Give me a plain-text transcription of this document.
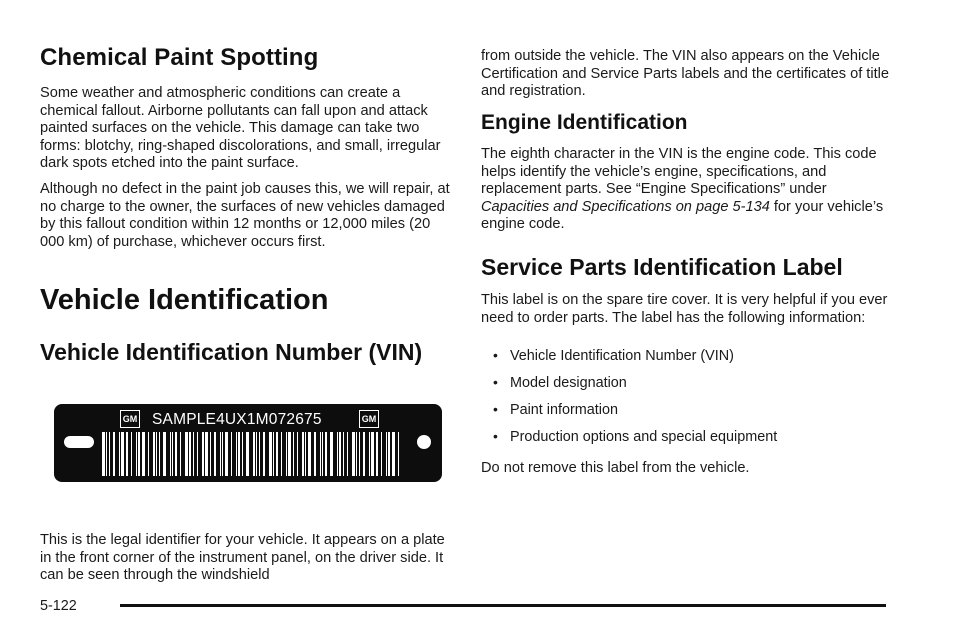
Chemical Paint Spotting

Some weather and atmospheric conditions can create a chemical fallout. Airborne pollutants can fall upon and attack painted surfaces on the vehicle. This damage can take two forms: blotchy, ring-shaped discolorations, and small, irregular dark spots etched into the paint surface.

Although no defect in the paint job causes this, we will repair, at no charge to the owner, the surfaces of new vehicles damaged by this fallout condition within 12 months or 12,000 miles (20 000 km) of purchase, whichever occurs first.

Vehicle Identification
Vehicle Identification Number (VIN)

This is the legal identifier for your vehicle. It appears on a plate in the front corner of the instrument panel, on the driver side. It can be seen through the windshield

GM SAMPLE4UX1M072675	GM

from outside the vehicle. The VIN also appears on the Vehicle Certification and Service Parts labels and the certificates of title and registration.

Engine Identification

The eighth character in the VIN is the engine code. This code helps identify the vehicle’s engine, specifications, and replacement parts. See “Engine Specifications” under Capacities and Specifications on page 5-134 for your vehicle’s engine code.

Service Parts Identification Label

This label is on the spare tire cover. It is very helpful if you ever need to order parts. The label has the following information:

• Vehicle Identification Number (VIN)
• Model designation
• Paint information
• Production options and special equipment

Do not remove this label from the vehicle.

5-122
